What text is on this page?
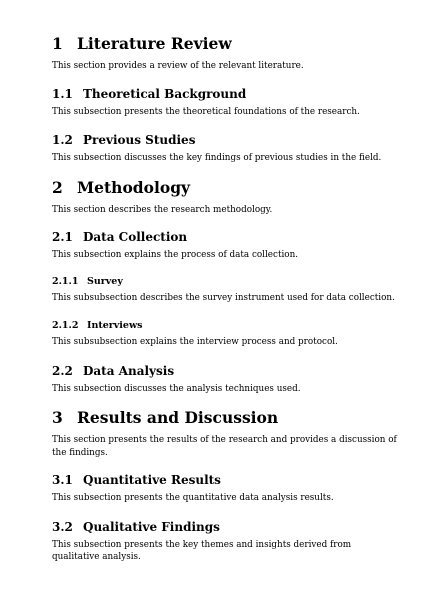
1 Literature Review

This section provides a review of the relevant literature.

1.1 Theoretical Background

This subsection presents the theoretical foundations of the research.

1.2 Previous Studies

This subsection discusses the key findings of previous studies in the field.

2 Methodology

This section describes the research methodology.

2.1 Data Collection

This subsection explains the process of data collection.

2.1.1 Survey

This subsubsection describes the survey instrument used for data collection.

2.1.2 Interviews

This subsubsection explains the interview process and protocol.

2.2 Data Analysis

This subsection discusses the analysis techniques used.

3 Results and Discussion

This section presents the results of the research and provides a discussion of the findings.

3.1 Quantitative Results

This subsection presents the quantitative data analysis results.

3.2 Qualitative Findings

This subsection presents the key themes and insights derived from qualitative analysis.
